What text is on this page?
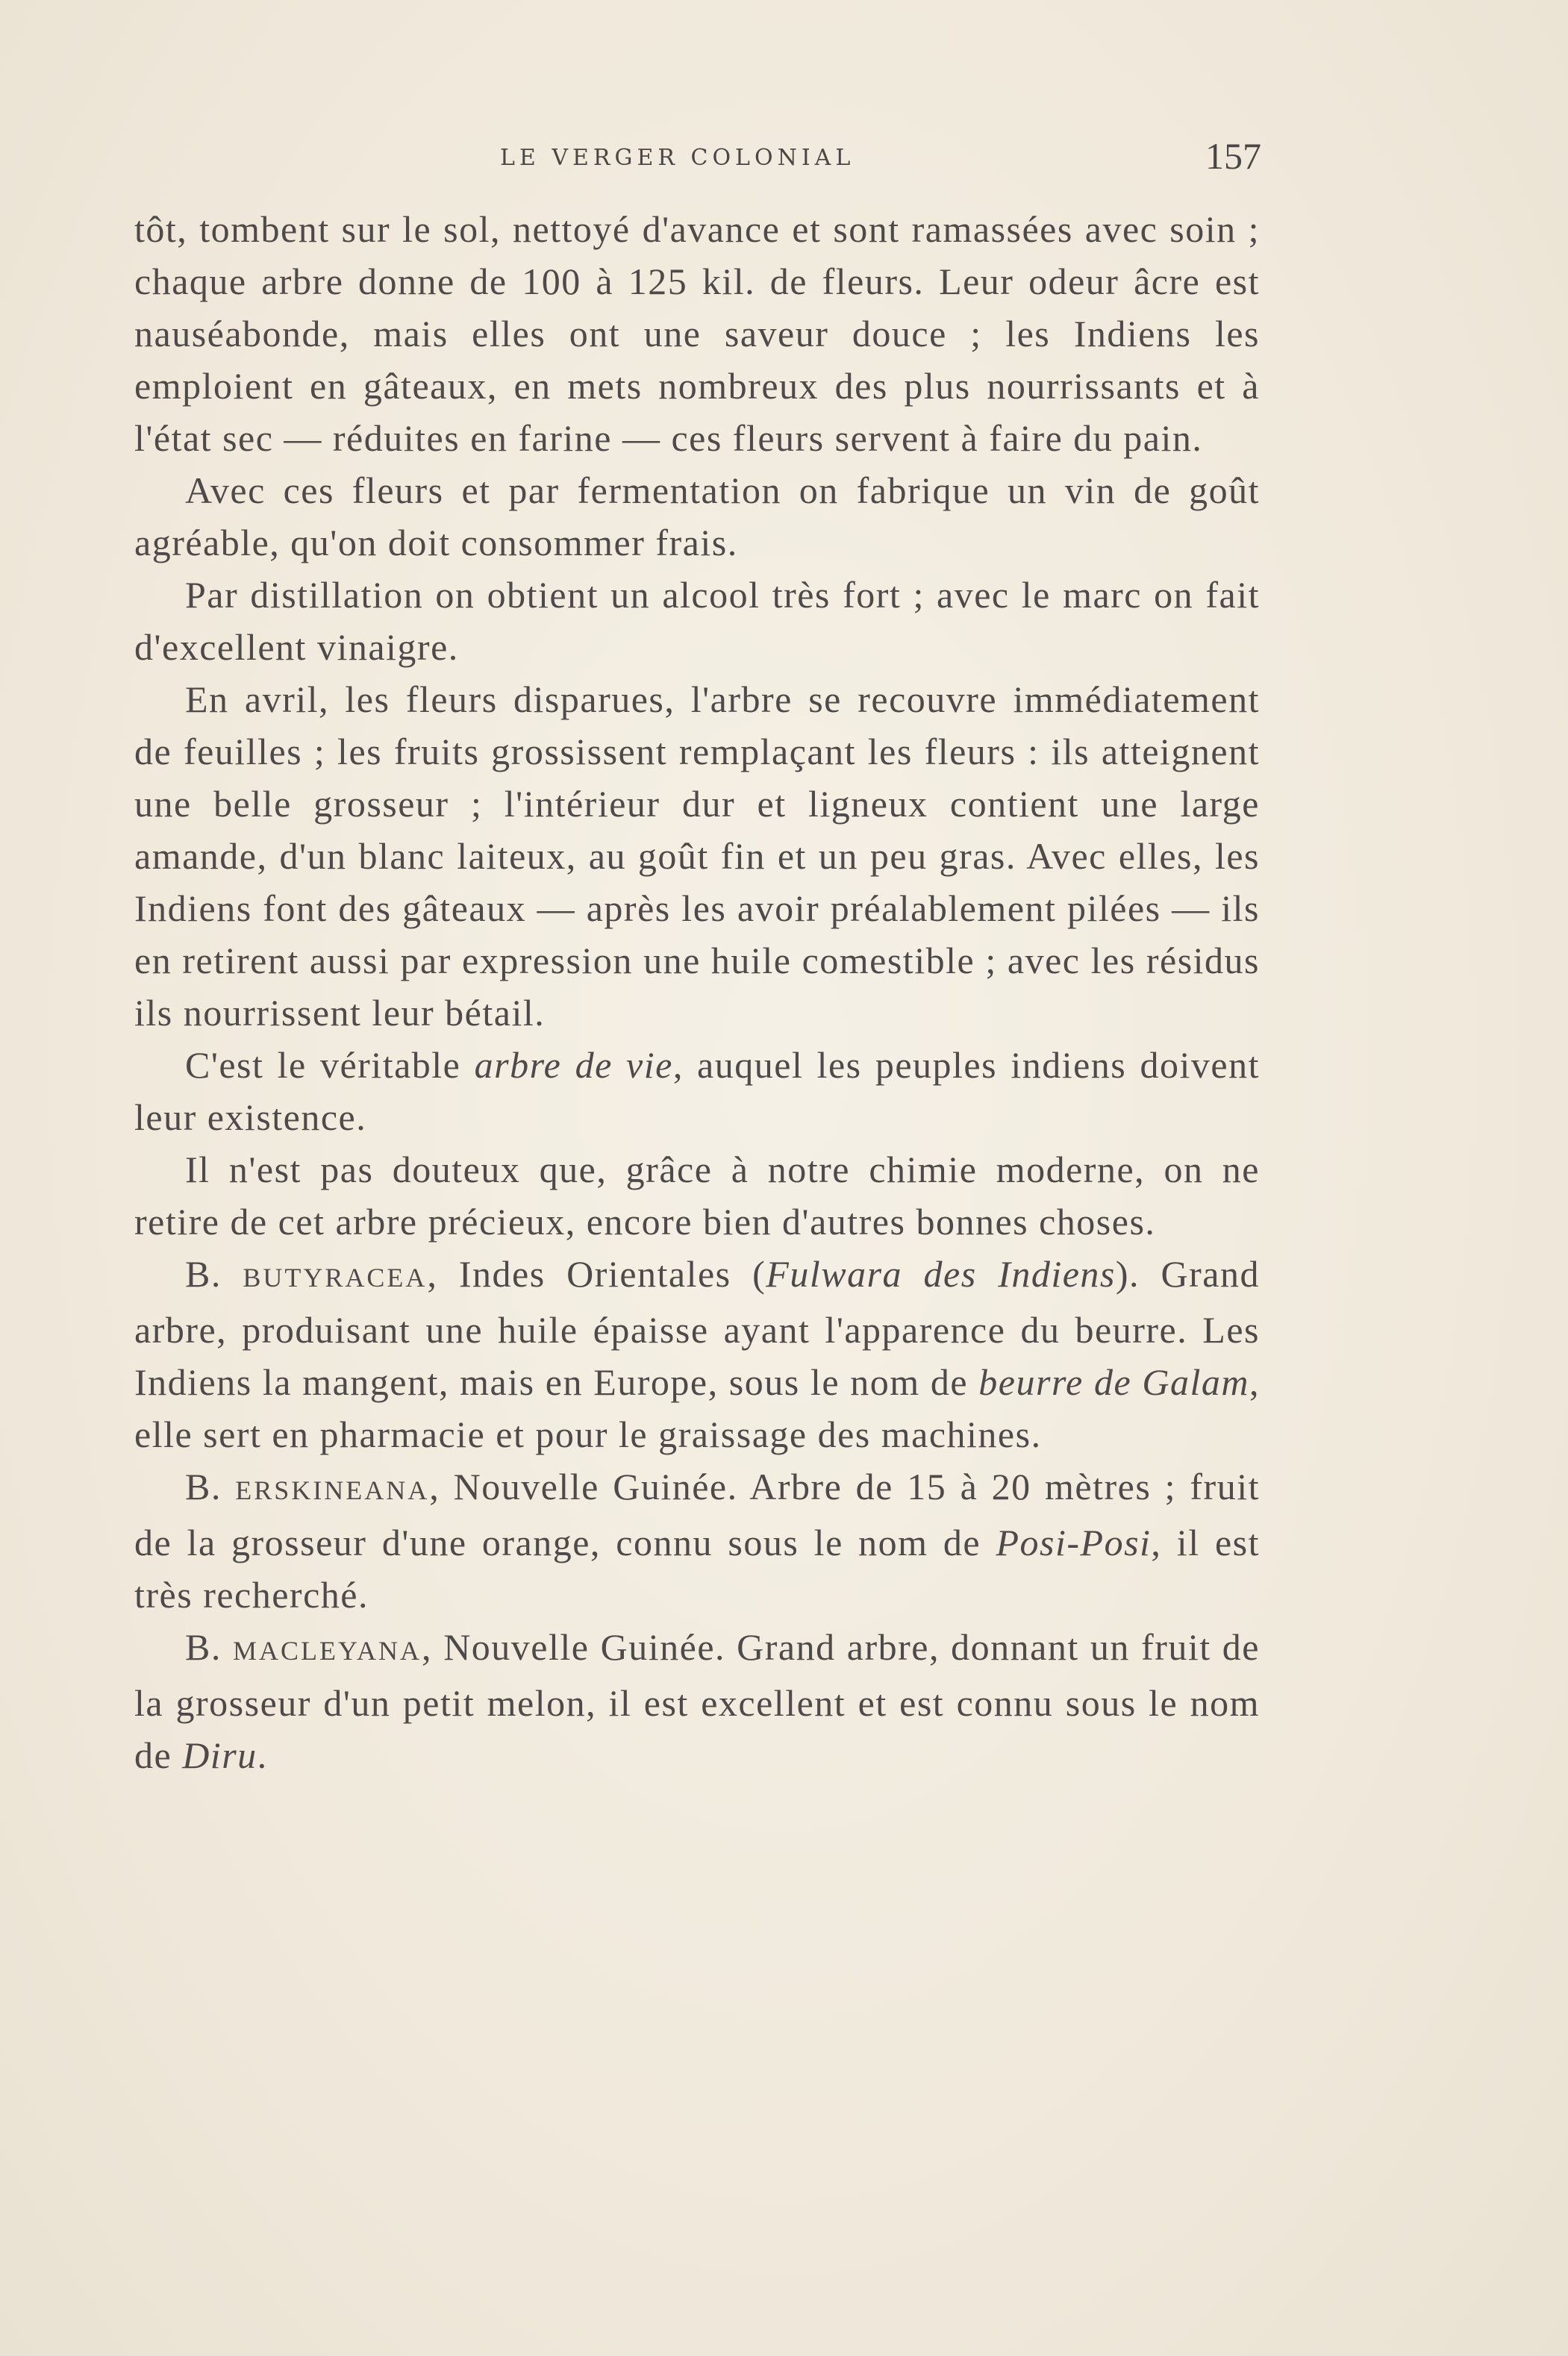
LE VERGER COLONIAL	157

tôt, tombent sur le sol, nettoyé d'avance et sont ramassées avec soin ; chaque arbre donne de 100 à 125 kil. de fleurs. Leur odeur âcre est nauséabonde, mais elles ont une saveur douce ; les Indiens les emploient en gâteaux, en mets nombreux des plus nourrissants et à l'état sec — réduites en farine — ces fleurs servent à faire du pain.

Avec ces fleurs et par fermentation on fabrique un vin de goût agréable, qu'on doit consommer frais.

Par distillation on obtient un alcool très fort ; avec le marc on fait d'excellent vinaigre.

En avril, les fleurs disparues, l'arbre se recouvre immédiatement de feuilles ; les fruits grossissent remplaçant les fleurs : ils atteignent une belle grosseur ; l'intérieur dur et ligneux contient une large amande, d'un blanc laiteux, au goût fin et un peu gras. Avec elles, les Indiens font des gâteaux — après les avoir préalablement pilées — ils en retirent aussi par expression une huile comestible ; avec les résidus ils nourrissent leur bétail.

C'est le véritable arbre de vie, auquel les peuples indiens doivent leur existence.

Il n'est pas douteux que, grâce à notre chimie moderne, on ne retire de cet arbre précieux, encore bien d'autres bonnes choses.

B. BUTYRACEA, Indes Orientales (Fulwara des Indiens). Grand arbre, produisant une huile épaisse ayant l'apparence du beurre. Les Indiens la mangent, mais en Europe, sous le nom de beurre de Galam, elle sert en pharmacie et pour le graissage des machines.

B. ERSKINEANA, Nouvelle Guinée. Arbre de 15 à 20 mètres ; fruit de la grosseur d'une orange, connu sous le nom de Posi-Posi, il est très recherché.

B. MACLEYANA, Nouvelle Guinée. Grand arbre, donnant un fruit de la grosseur d'un petit melon, il est excellent et est connu sous le nom de Diru.
